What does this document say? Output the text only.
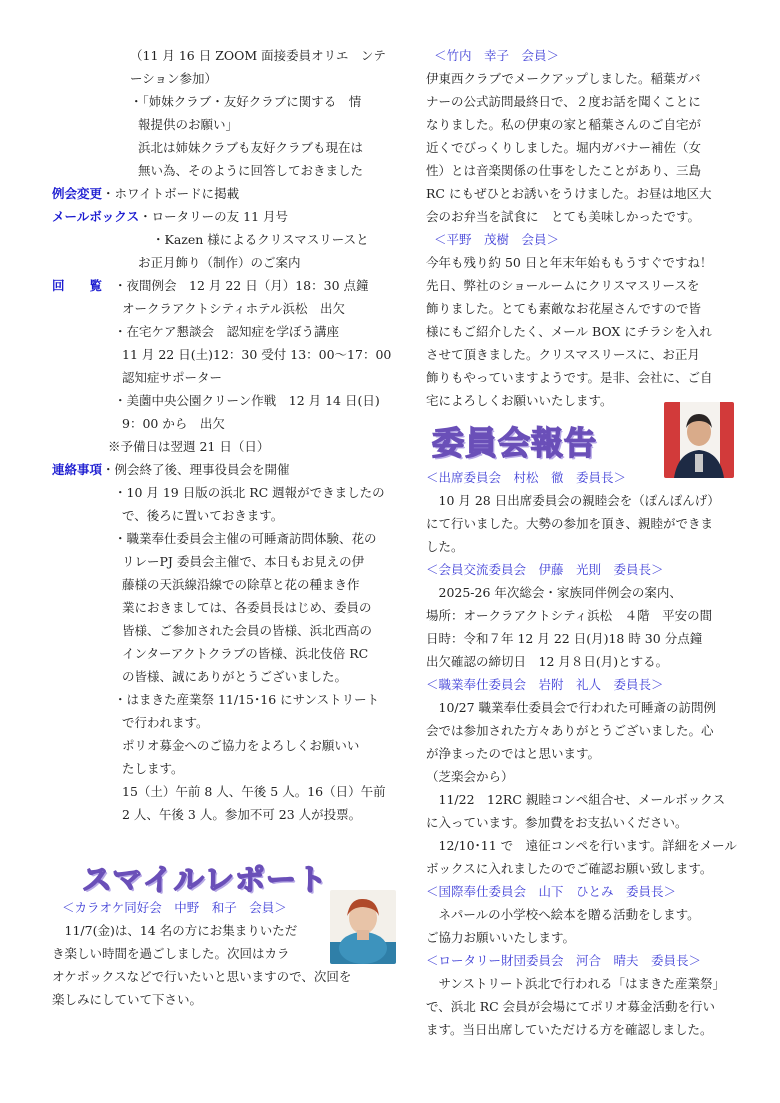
（11 月 16 日 ZOOM 面接委員オリエ　ンテ
ーション参加）
・「姉妹クラブ・友好クラブに関する　情
報提供のお願い」
浜北は姉妹クラブも友好クラブも現在は
無い為、そのように回答しておきました
例会変更・ホワイトボードに掲載
メールボックス・ロータリーの友 11 月号
・Kazen 様によるクリスマスリースと
お正月飾り（制作）のご案内
回　　覧 ・夜間例会　12 月 22 日（月）18：30 点鐘
オークラアクトシティホテル浜松　出欠
・在宅ケア懇談会　認知症を学ぼう講座
11 月 22 日(土)12：30 受付 13：00～17：00
認知症サポーター
・美薗中央公園クリーン作戦　12 月 14 日(日)
9：00 から　出欠
※予備日は翌週 21 日（日）
連絡事項・例会終了後、理事役員会を開催
・10 月 19 日版の浜北 RC 週報ができましたの
で、後ろに置いておきます。
・職業奉仕委員会主催の可睡斎訪問体験、花の
リレーPJ 委員会主催で、本日もお見えの伊
藤様の天浜線沿線での除草と花の種まき作
業におきましては、各委員長はじめ、委員の
皆様、ご参加された会員の皆様、浜北西高の
インターアクトクラブの皆様、浜北伎倍 RC
の皆様、誠にありがとうございました。
・はまきた産業祭 11/15･16 にサンストリート
で行われます。
ポリオ募金へのご協力をよろしくお願いい
たします。
15（土）午前 8 人、午後 5 人。16（日）午前
2 人、午後 3 人。参加不可 23 人が投票。
スマイルレポート
＜カラオケ同好会　中野　和子　会員＞
　11/7(金)は、14 名の方にお集まりいただ
き楽しい時間を過ごしました。次回はカラ
オケボックスなどで行いたいと思いますので、次回を
楽しみにしていて下さい。
＜竹内　幸子　会員＞
伊東西クラブでメークアップしました。稲葉ガバ
ナーの公式訪問最終日で、２度お話を聞くことに
なりました。私の伊東の家と稲葉さんのご自宅が
近くでびっくりしました。堀内ガバナー補佐（女
性）とは音楽関係の仕事をしたことがあり、三島
RC にもぜひとお誘いをうけました。お昼は地区大
会のお弁当を試食に　とても美味しかったです。
＜平野　茂樹　会員＞
今年も残り約 50 日と年末年始ももうすぐですね！
先日、弊社のショールームにクリスマスリースを
飾りました。とても素敵なお花屋さんですので皆
様にもご紹介したく、メール BOX にチラシを入れ
させて頂きました。クリスマスリースに、お正月
飾りもやっていますようです。是非、会社に、ご自
宅によろしくお願いいたします。
委員会報告
＜出席委員会　村松　徹　委員長＞
　10 月 28 日出席委員会の親睦会を（ぽんぽんげ）
にて行いました。大勢の参加を頂き、親睦ができま
した。
＜会員交流委員会　伊藤　光則　委員長＞
　2025-26 年次総会・家族同伴例会の案内、
場所：オークラアクトシティ浜松　４階　平安の間
日時：令和７年 12 月 22 日(月)18 時 30 分点鐘
出欠確認の締切日　12 月８日(月)とする。
＜職業奉仕委員会　岩附　礼人　委員長＞
　10/27 職業奉仕委員会で行われた可睡斎の訪問例
会では参加された方々ありがとうございました。心
が浄まったのではと思います。
（芝楽会から）
　11/22　12RC 親睦コンペ組合せ、メールボックス
に入っています。参加費をお支払いください。
　12/10･11 で　遠征コンペを行います。詳細をメール
ボックスに入れましたのでご確認お願い致します。
＜国際奉仕委員会　山下　ひとみ　委員長＞
　ネパールの小学校へ絵本を贈る活動をします。
ご協力お願いいたします。
＜ロータリー財団委員会　河合　晴夫　委員長＞
　サンストリート浜北で行われる「はまきた産業祭」
で、浜北 RC 会員が会場にてポリオ募金活動を行い
ます。当日出席していただける方を確認しました。
